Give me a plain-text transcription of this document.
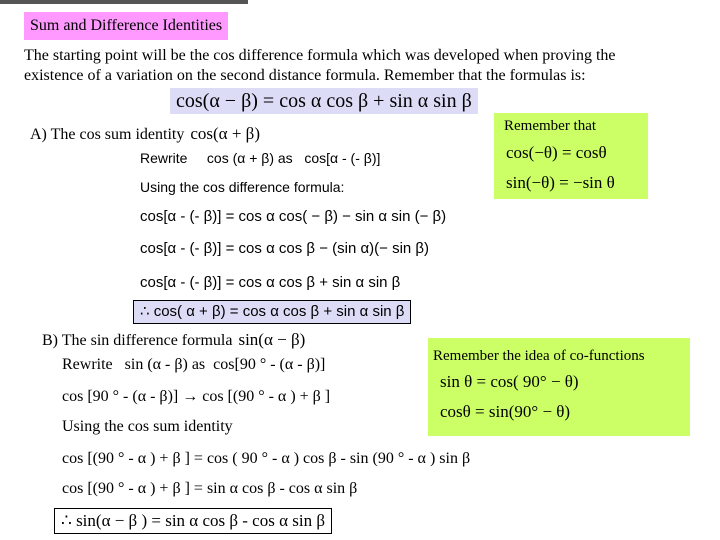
Sum and Difference Identities
The starting point will be the cos difference formula which was developed when proving the
existence of a variation on the second distance formula. Remember that the formulas is:
cos(α − β) = cos α cos β + sin α sin β
A) The cos sum identity cos(α + β)
Rewrite     cos (α + β) as   cos[α - (- β)]
Using the cos difference formula:
cos[α - (- β)] = cos α cos( − β) − sin α sin (− β)
cos[α - (- β)] = cos α cos β − (sin α)(− sin β)
cos[α - (- β)] = cos α cos β + sin α sin β
∴ cos( α + β) = cos α cos β + sin α sin β
Remember that
cos(−θ) = cosθ
sin(−θ) = −sin θ
B) The sin difference formula sin(α − β)
Rewrite   sin (α - β) as  cos[90 ° - (α - β)]
cos [90 ° - (α - β)] → cos [(90 ° - α ) + β ]
Using the cos sum identity
cos [(90 ° - α ) + β ] = cos ( 90 ° - α ) cos β - sin (90 ° - α ) sin β
cos [(90 ° - α ) + β ] = sin α cos β - cos α sin β
∴ sin(α − β ) = sin α cos β - cos α sin β
Remember the idea of co-functions
sin θ = cos( 90° − θ)
cosθ = sin(90° − θ)
